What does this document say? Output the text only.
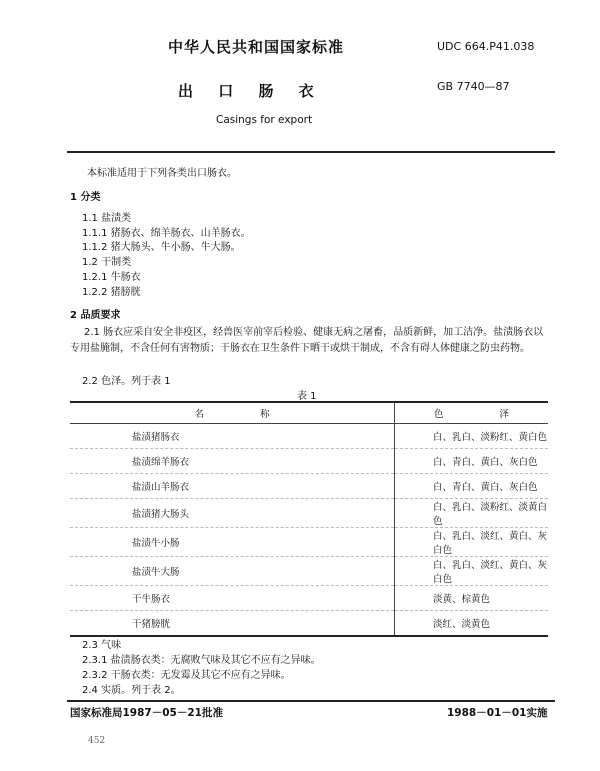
中华人民共和国国家标准	UDC 664.P41.038
出 口 肠 衣	GB 7740—87
Casings for export
本标准适用于下列各类出口肠衣。
1 分类
1.1 盐渍类
1.1.1 猪肠衣、绵羊肠衣、山羊肠衣。
1.1.2 猪大肠头、牛小肠、牛大肠。
1.2 干制类
1.2.1 牛肠衣
1.2.2 猪膀胱
2 品质要求
2.1 肠衣应采自安全非疫区，经兽医宰前宰后检验、健康无病之屠畜，品质新鲜，加工洁净。盐渍肠衣以专用盐腌制，不含任何有害物质；干肠衣在卫生条件下晒干或烘干制成，不含有碍人体健康之防虫药物。
2.2 色泽。列于表 1
表 1
名 称	色 泽
盐渍猪肠衣	白、乳白、淡粉红、黄白色
盐渍绵羊肠衣	白、青白、黄白、灰白色
盐渍山羊肠衣	白、青白、黄白、灰白色
盐渍猪大肠头	白、乳白、淡粉红、淡黄白色
盐渍牛小肠	白、乳白、淡红、黄白、灰白色
盐渍牛大肠	白、乳白、淡红、黄白、灰白色
干牛肠衣	淡黄、棕黄色
干猪膀胱	淡红、淡黄色
2.3 气味
2.3.1 盐渍肠衣类：无腐败气味及其它不应有之异味。
2.3.2 干肠衣类：无发霉及其它不应有之异味。
2.4 实质。列于表 2。
国家标准局1987－05－21批准	1988－01－01实施
452
